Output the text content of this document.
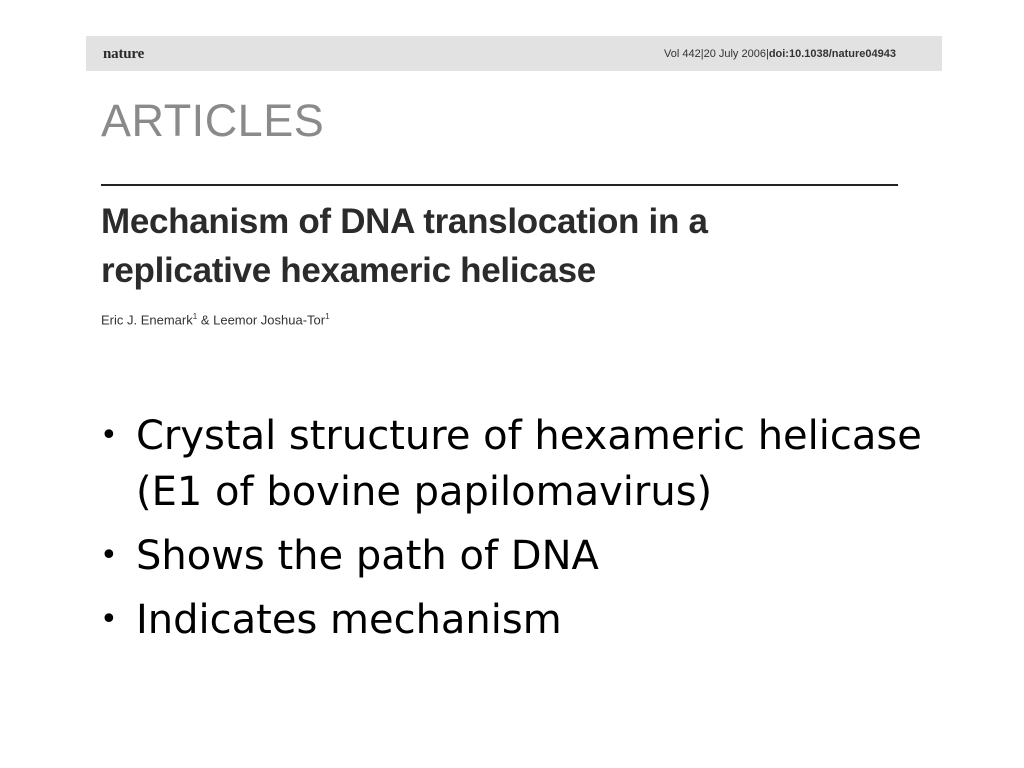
nature	Vol 442|20 July 2006|doi:10.1038/nature04943
ARTICLES
Mechanism of DNA translocation in a
replicative hexameric helicase
Eric J. Enemark$^1$ & Leemor Joshua-Tor$^1$
• Crystal structure of hexameric helicase (E1 of bovine papilomavirus)
• Shows the path of DNA
• Indicates mechanism
